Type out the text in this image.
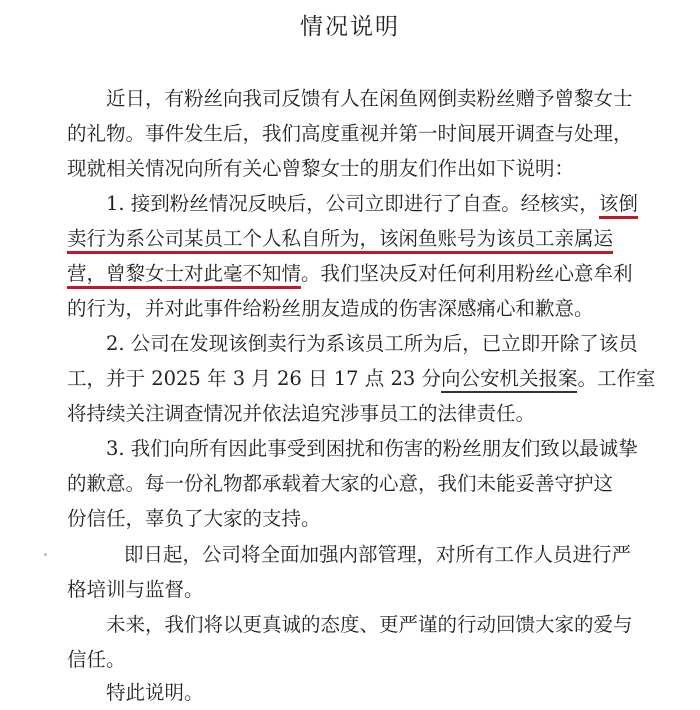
情况说明
近日，有粉丝向我司反馈有人在闲鱼网倒卖粉丝赠予曾黎女士
的礼物。事件发生后，我们高度重视并第一时间展开调查与处理，
现就相关情况向所有关心曾黎女士的朋友们作出如下说明：
1. 接到粉丝情况反映后，公司立即进行了自查。经核实，该倒
卖行为系公司某员工个人私自所为，该闲鱼账号为该员工亲属运
营，曾黎女士对此毫不知情。我们坚决反对任何利用粉丝心意牟利
的行为，并对此事件给粉丝朋友造成的伤害深感痛心和歉意。
2. 公司在发现该倒卖行为系该员工所为后，已立即开除了该员
工，并于 2025 年 3 月 26 日 17 点 23 分向公安机关报案。工作室
将持续关注调查情况并依法追究涉事员工的法律责任。
3. 我们向所有因此事受到困扰和伤害的粉丝朋友们致以最诚挚
的歉意。每一份礼物都承载着大家的心意，我们未能妥善守护这
份信任，辜负了大家的支持。
即日起，公司将全面加强内部管理，对所有工作人员进行严
格培训与监督。
未来，我们将以更真诚的态度、更严谨的行动回馈大家的爱与
信任。
特此说明。
